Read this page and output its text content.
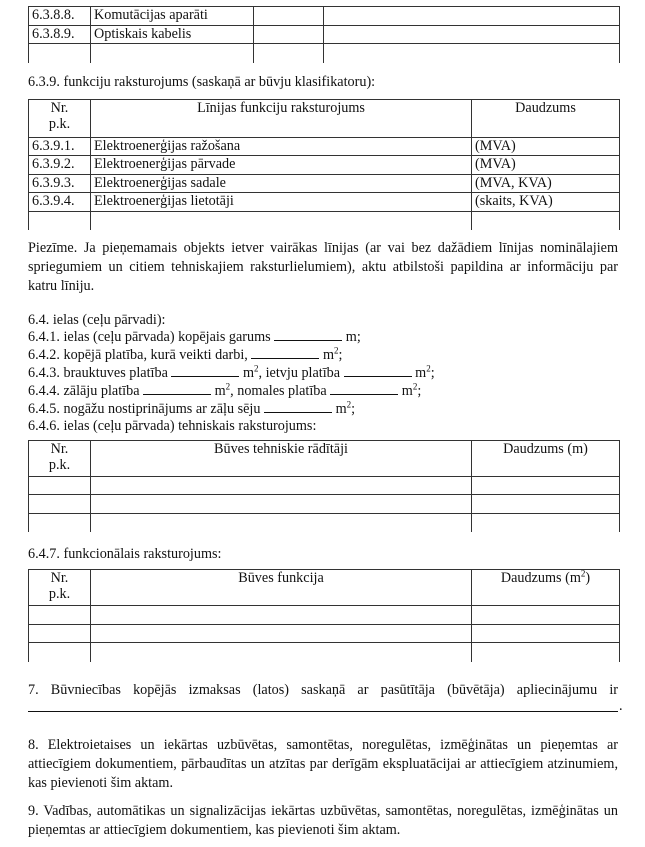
6.3.8.8.	Komutācijas aparāti		
6.3.8.9.	Optiskais kabelis		

6.3.9. funkciju raksturojums (saskaņā ar būvju klasifikatoru):
Nr.
p.k.	Līnijas funkciju raksturojums	Daudzums
6.3.9.1.	Elektroenerģijas ražošana	(MVA)
6.3.9.2.	Elektroenerģijas pārvade	(MVA)
6.3.9.3.	Elektroenerģijas sadale	(MVA, KVA)
6.3.9.4.	Elektroenerģijas lietotāji	(skaits, KVA)

Piezīme. Ja pieņemamais objekts ietver vairākas līnijas (ar vai bez dažādiem līnijas nominālajiem spriegumiem un citiem tehniskajiem raksturlielumiem), aktu atbilstoši papildina ar informāciju par katru līniju.
6.4. ielas (ceļu pārvadi):
6.4.1. ielas (ceļu pārvada) kopējais garums	m;
6.4.2. kopējā platība, kurā veikti darbi,	$m^2$;
6.4.3. brauktuves platība	$m^2$, ietvju platība	$m^2$;
6.4.4. zālāju platība	$m^2$, nomales platība	$m^2$;
6.4.5. nogāžu nostiprinājums ar zāļu sēju	$m^2$;
6.4.6. ielas (ceļu pārvada) tehniskais raksturojums:
Nr.
p.k.	Būves tehniskie rādītāji	Daudzums (m)

6.4.7. funkcionālais raksturojums:
Nr.
p.k.	Būves funkcija	Daudzums $(m^2)$

7. Būvniecības kopējās izmaksas (latos) saskaņā ar pasūtītāja (būvētāja) apliecinājumu ir
.
8. Elektroietaises un iekārtas uzbūvētas, samontētas, noregulētas, izmēģinātas un pieņemtas ar attiecīgiem dokumentiem, pārbaudītas un atzītas par derīgām ekspluatācijai ar attiecīgiem atzinumiem, kas pievienoti šim aktam.
9. Vadības, automātikas un signalizācijas iekārtas uzbūvētas, samontētas, noregulētas, izmēģinātas un pieņemtas ar attiecīgiem dokumentiem, kas pievienoti šim aktam.
